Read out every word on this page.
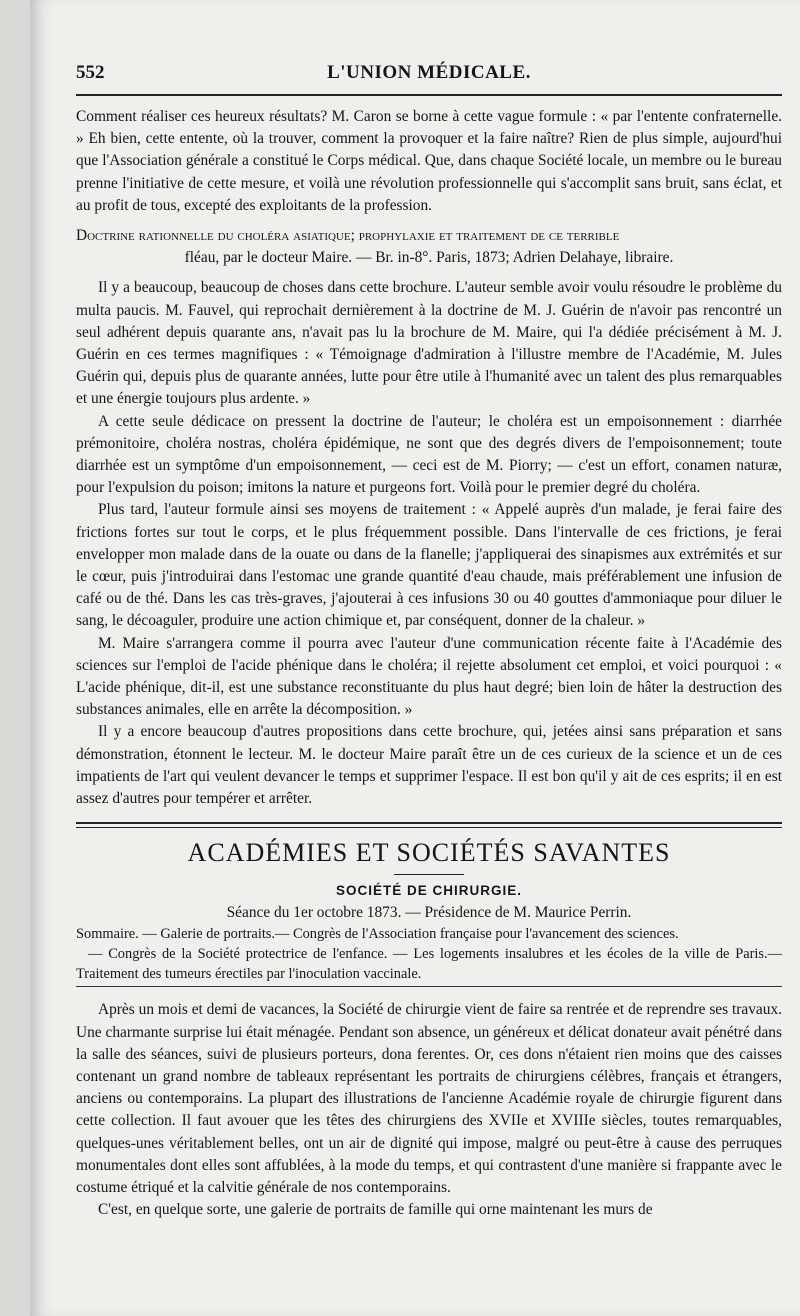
552	L'UNION MÉDICALE.

Comment réaliser ces heureux résultats? M. Caron se borne à cette vague formule : « par l'entente confraternelle. » Eh bien, cette entente, où la trouver, comment la provoquer et la faire naître? Rien de plus simple, aujourd'hui que l'Association générale a constitué le Corps médical. Que, dans chaque Société locale, un membre ou le bureau prenne l'initiative de cette mesure, et voilà une révolution professionnelle qui s'accomplit sans bruit, sans éclat, et au profit de tous, excepté des exploitants de la profession.

Doctrine rationnelle du choléra asiatique; prophylaxie et traitement de ce terrible

fléau, par le docteur Maire. — Br. in-8°. Paris, 1873; Adrien Delahaye, libraire.

Il y a beaucoup, beaucoup de choses dans cette brochure. L'auteur semble avoir voulu résoudre le problème du multa paucis. M. Fauvel, qui reprochait dernièrement à la doctrine de M. J. Guérin de n'avoir pas rencontré un seul adhérent depuis quarante ans, n'avait pas lu la brochure de M. Maire, qui l'a dédiée précisément à M. J. Guérin en ces termes magnifiques : « Témoignage d'admiration à l'illustre membre de l'Académie, M. Jules Guérin qui, depuis plus de quarante années, lutte pour être utile à l'humanité avec un talent des plus remarquables et une énergie toujours plus ardente. »

A cette seule dédicace on pressent la doctrine de l'auteur; le choléra est un empoisonnement : diarrhée prémonitoire, choléra nostras, choléra épidémique, ne sont que des degrés divers de l'empoisonnement; toute diarrhée est un symptôme d'un empoisonnement, — ceci est de M. Piorry; — c'est un effort, conamen naturæ, pour l'expulsion du poison; imitons la nature et purgeons fort. Voilà pour le premier degré du choléra.

Plus tard, l'auteur formule ainsi ses moyens de traitement : « Appelé auprès d'un malade, je ferai faire des frictions fortes sur tout le corps, et le plus fréquemment possible. Dans l'intervalle de ces frictions, je ferai envelopper mon malade dans de la ouate ou dans de la flanelle; j'appliquerai des sinapismes aux extrémités et sur le cœur, puis j'introduirai dans l'estomac une grande quantité d'eau chaude, mais préférablement une infusion de café ou de thé. Dans les cas très-graves, j'ajouterai à ces infusions 30 ou 40 gouttes d'ammoniaque pour diluer le sang, le décoaguler, produire une action chimique et, par conséquent, donner de la chaleur. »

M. Maire s'arrangera comme il pourra avec l'auteur d'une communication récente faite à l'Académie des sciences sur l'emploi de l'acide phénique dans le choléra; il rejette absolument cet emploi, et voici pourquoi : « L'acide phénique, dit-il, est une substance reconstituante du plus haut degré; bien loin de hâter la destruction des substances animales, elle en arrête la décomposition. »

Il y a encore beaucoup d'autres propositions dans cette brochure, qui, jetées ainsi sans préparation et sans démonstration, étonnent le lecteur. M. le docteur Maire paraît être un de ces curieux de la science et un de ces impatients de l'art qui veulent devancer le temps et supprimer l'espace. Il est bon qu'il y ait de ces esprits; il en est assez d'autres pour tempérer et arrêter.

ACADÉMIES ET SOCIÉTÉS SAVANTES
SOCIÉTÉ DE CHIRURGIE.
Séance du 1er octobre 1873. — Présidence de M. Maurice Perrin.
Sommaire. — Galerie de portraits.— Congrès de l'Association française pour l'avancement des sciences.
— Congrès de la Société protectrice de l'enfance. — Les logements insalubres et les écoles de la ville de Paris.— Traitement des tumeurs érectiles par l'inoculation vaccinale.

Après un mois et demi de vacances, la Société de chirurgie vient de faire sa rentrée et de reprendre ses travaux. Une charmante surprise lui était ménagée. Pendant son absence, un généreux et délicat donateur avait pénétré dans la salle des séances, suivi de plusieurs porteurs, dona ferentes. Or, ces dons n'étaient rien moins que des caisses contenant un grand nombre de tableaux représentant les portraits de chirurgiens célèbres, français et étrangers, anciens ou contemporains. La plupart des illustrations de l'ancienne Académie royale de chirurgie figurent dans cette collection. Il faut avouer que les têtes des chirurgiens des XVIIe et XVIIIe siècles, toutes remarquables, quelques-unes véritablement belles, ont un air de dignité qui impose, malgré ou peut-être à cause des perruques monumentales dont elles sont affublées, à la mode du temps, et qui contrastent d'une manière si frappante avec le costume étriqué et la calvitie générale de nos contemporains.

C'est, en quelque sorte, une galerie de portraits de famille qui orne maintenant les murs de
